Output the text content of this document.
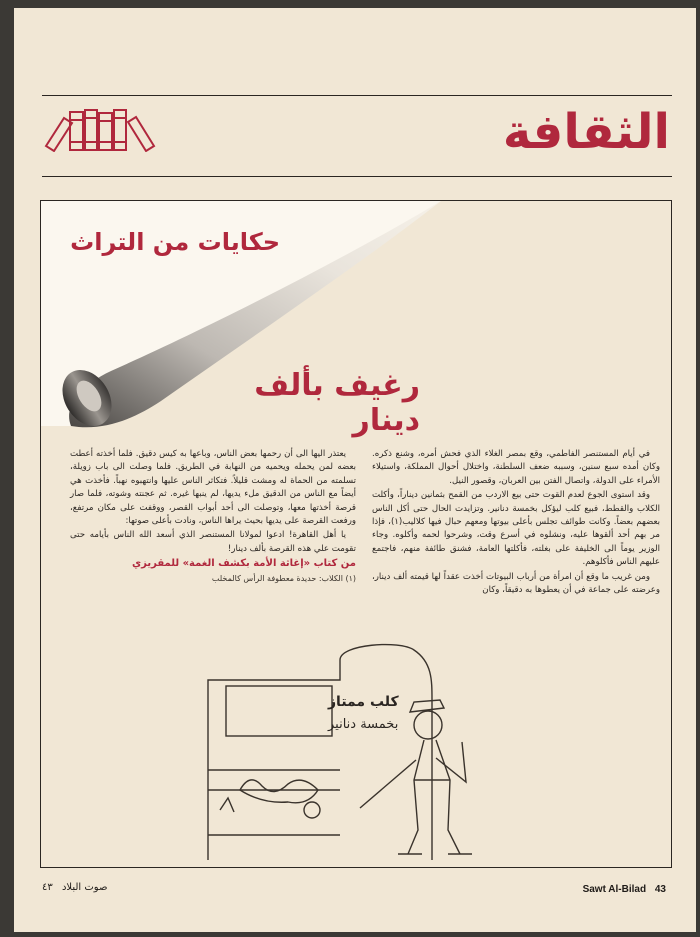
الثقافة
حكايات من التراث
رغيف بألف دينار

في أيام المستنصر الفاطمي، وقع بمصر الغلاء الذي فحش أمره، وشنع ذكره. وكان أمده سبع سنين، وسببه ضعف السلطنة، واختلال أحوال المملكة، واستيلاء الأمراء على الدولة، واتصال الفتن بين العربان، وقصور النيل.

وقد استوى الجوع لعدم القوت حتى بيع الاردب من القمح بثمانين ديناراً، وأكلت الكلاب والقطط، فبيع كلب ليؤكل بخمسة دنانير. وتزايدت الحال حتى أكل الناس بعضهم بعضاً. وكانت طوائف تجلس بأعلى بيوتها ومعهم حبال فيها كلاليب(١)، فإذا مر بهم أحد ألقوها عليه، ونشلوه في أسرع وقت، وشرحوا لحمه وأكلوه. وجاء الوزير يوماً الى الخليفة على بغلته، فأكلتها العامة، فشنق طائفة منهم، فاجتمع عليهم الناس فأكلوهم.

ومن غريب ما وقع أن امرأة من أرباب البيوتات أخذت عقداً لها قيمته ألف دينار، وعرضته على جماعة في أن يعطوها به دقيقاً، وكان

يعتذر اليها الى أن رحمها بعض الناس، وباعها به كيس دقيق. فلما أخذته أعطت بعضه لمن يحمله ويحميه من النهابة في الطريق. فلما وصلت الى باب زويلة، تسلمته من الحماة له ومشت قليلاً. فتكاثر الناس عليها وانتهبوه نهباً. فأخذت هي أيضاً مع الناس من الدقيق ملء يديها، لم ينبها غيره. ثم عجنته وشوته، فلما صار قرصة أخذتها معها، وتوصلت الى أحد أبواب القصر، ووقفت على مكان مرتفع، ورفعت القرصة على يديها بحيث يراها الناس، ونادت بأعلى صوتها:

يا أهل القاهرة! ادعوا لمولانا المستنصر الذي أسعد الله الناس بأيامه حتى تقومت علي هذه القرصة بألف دينار!

من كتاب «إغاثة الأمة بكشف الغمة» للمقريزي

(١) الكلاب: حديدة معطوفة الرأس كالمخلب

كلب ممتاز
بخمسة دنانير
Sawt Al-Bilad 43
صوت البلاد ٤٣
